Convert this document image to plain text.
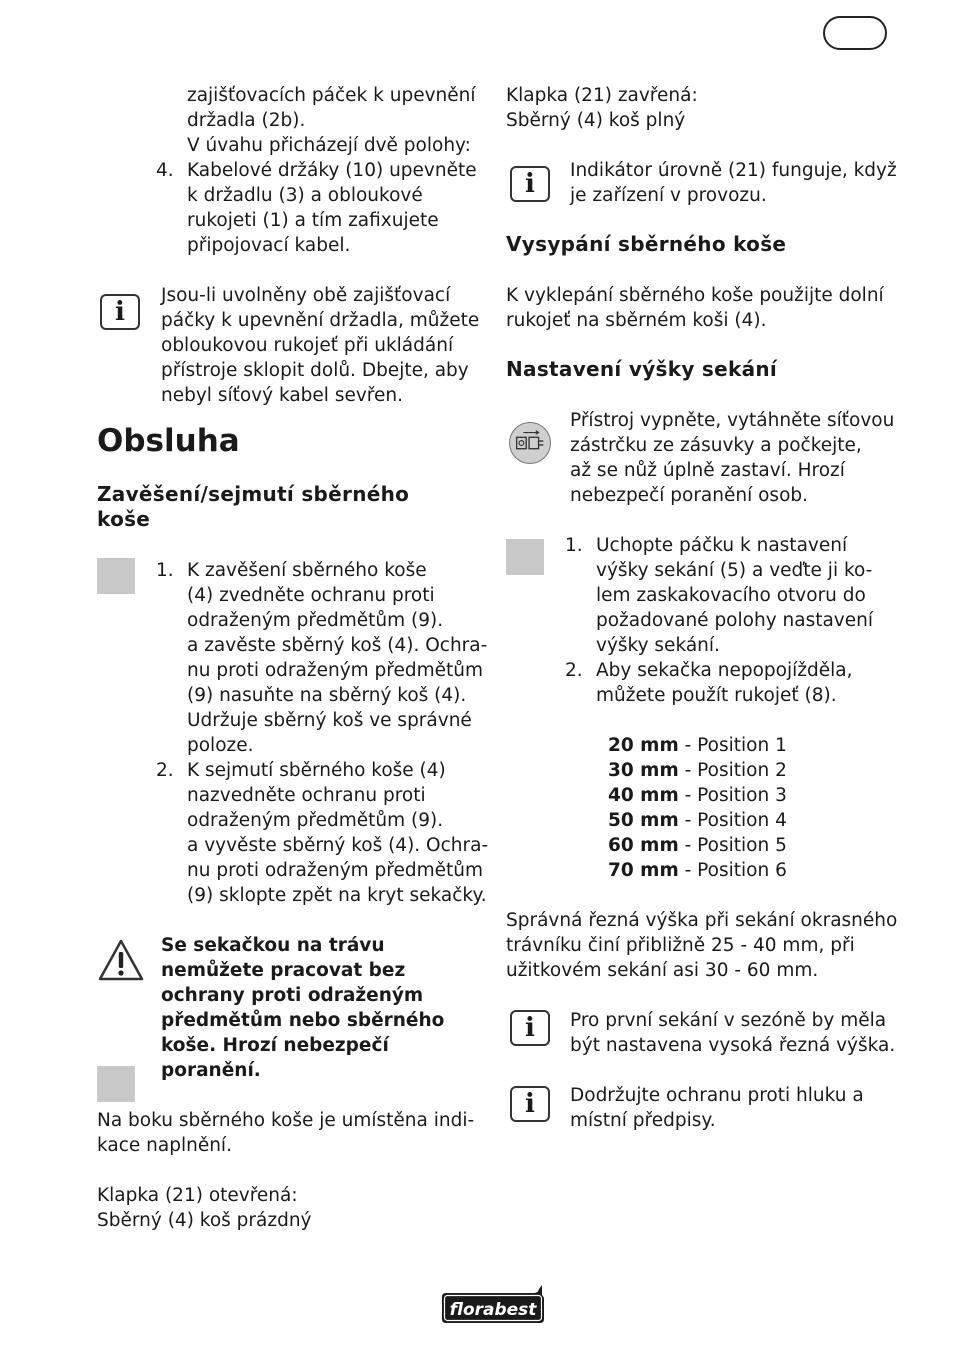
zajišťovacích páček k upevnění
držadla (2b).
V úvahu přicházejí dvě polohy:
4. Kabelové držáky (10) upevněte
k držadlu (3) a obloukové
rukojeti (1) a tím zafixujete
připojovací kabel.
i
Jsou-li uvolněny obě zajišťovací
páčky k upevnění držadla, můžete
obloukovou rukojeť při ukládání
přístroje sklopit dolů. Dbejte, aby
nebyl síťový kabel sevřen.
Obsluha
Zavěšení/sejmutí sběrného
koše
1. K zavěšení sběrného koše
(4) zvedněte ochranu proti
odraženým předmětům (9).
a zavěste sběrný koš (4). Ochra-
nu proti odraženým předmětům
(9) nasuňte na sběrný koš (4).
Udržuje sběrný koš ve správné
poloze.
2. K sejmutí sběrného koše (4)
nazvedněte ochranu proti
odraženým předmětům (9).
a vyvěste sběrný koš (4). Ochra-
nu proti odraženým předmětům
(9) sklopte zpět na kryt sekačky.
Se sekačkou na trávu
nemůžete pracovat bez
ochrany proti odraženým
předmětům nebo sběrného
koše. Hrozí nebezpečí
poranění.
Na boku sběrného koše je umístěna indi-
kace naplnění.
Klapka (21) otevřená:
Sběrný (4) koš prázdný
Klapka (21) zavřená:
Sběrný (4) koš plný
i Indikátor úrovně (21) funguje, když
je zařízení v provozu.
Vysypání sběrného koše
K vyklepání sběrného koše použijte dolní
rukojeť na sběrném koši (4).
Nastavení výšky sekání
Přístroj vypněte, vytáhněte síťovou
zástrčku ze zásuvky a počkejte,
až se nůž úplně zastaví. Hrozí
nebezpečí poranění osob.
1. Uchopte páčku k nastavení
výšky sekání (5) a veďte ji ko-
lem zaskakovacího otvoru do
požadované polohy nastavení
výšky sekání.
2. Aby sekačka nepopojížděla,
můžete použít rukojeť (8).
20 mm - Position 1
30 mm - Position 2
40 mm - Position 3
50 mm - Position 4
60 mm - Position 5
70 mm - Position 6
Správná řezná výška při sekání okrasného
trávníku činí přibližně 25 - 40 mm, při
užitkovém sekání asi 30 - 60 mm.
i Pro první sekání v sezóně by měla
být nastavena vysoká řezná výška.
i Dodržujte ochranu proti hluku a
místní předpisy.
florabest
